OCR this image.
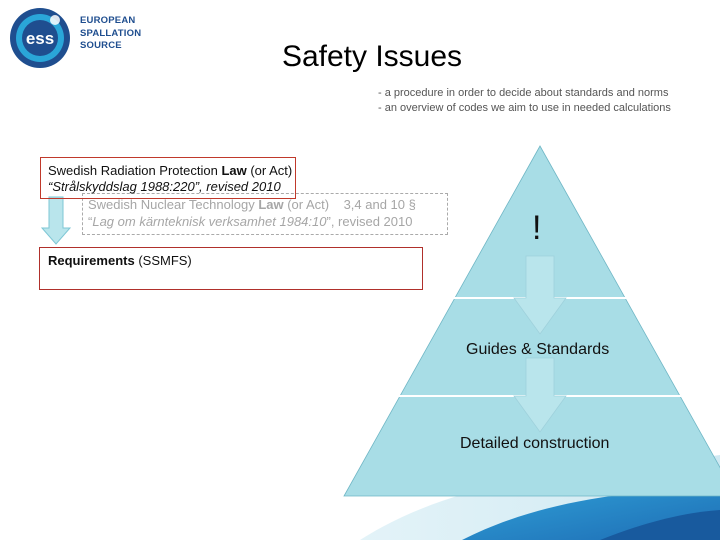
ess
EUROPEAN
SPALLATION
SOURCE	Safety Issues
- a procedure in order to decide about standards and norms
- an overview of codes we aim to use in needed calculations
Swedish Nuclear Technology Law (or Act)    3,4 and 10 §
“Lag om kärnteknisk verksamhet 1984:10”, revised 2010
Swedish Radiation Protection Law (or Act)
“Strålskyddslag 1988:220”, revised 2010
Requirements (SSMFS)
!
Guides & Standards
Detailed construction
